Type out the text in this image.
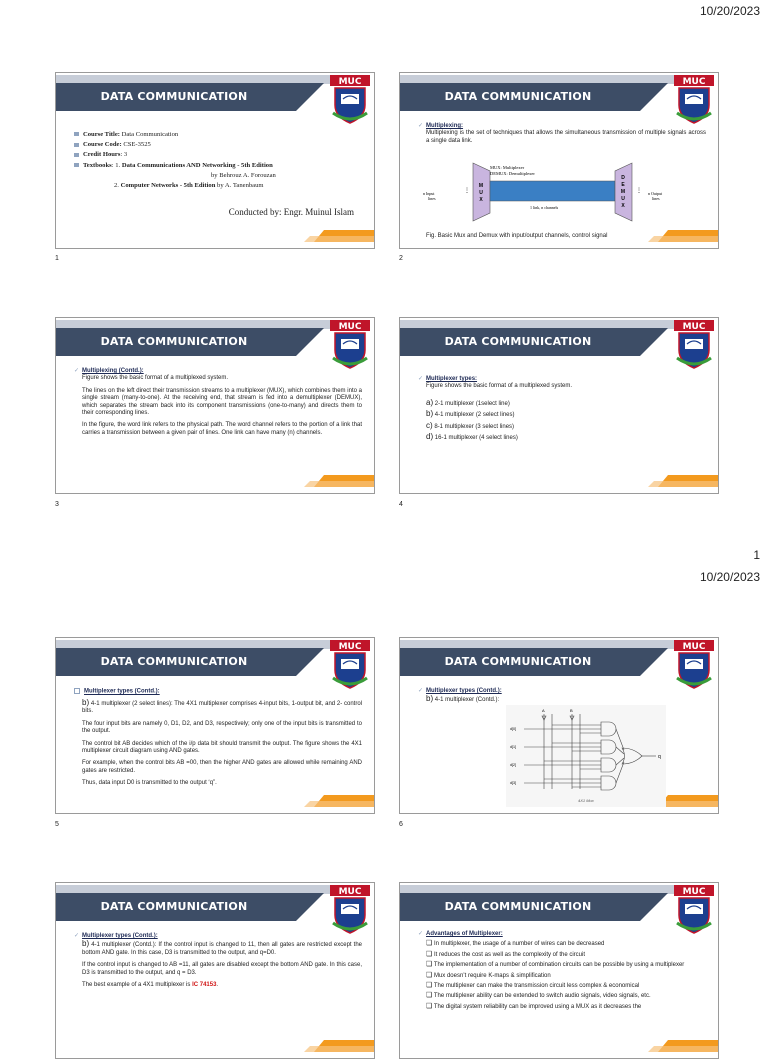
10/20/2023
1
10/20/2023
DATA COMMUNICATION
MUC
Course Title: Data Communication
Course Code: CSE-3525
Credit Hours: 3
Textbooks: 1. Data Communications AND Networking - 5th Edition
by Behrouz A. Forouzan
2. Computer Networks - 5th Edition by A. Tanenbaum
Conducted by: Engr. Muinul Islam
1
DATA COMMUNICATION
MUC
✓ Multiplexing:
Multiplexing is the set of techniques that allows the simultaneous transmission of multiple signals across a single data link.
MUX: Multiplexer
DEMUX: Demultiplexer
M
U
X
D
E
M
U
X
n Input
lines
⋮	⋮ n Output
lines
1 link, n channels
Fig. Basic Mux and Demux with input/output channels, control signal
2
DATA COMMUNICATION
MUC
✓ Multiplexing (Contd.):

Figure shows the basic format of a multiplexed system.

The lines on the left direct their transmission streams to a multiplexer (MUX), which combines them into a single stream (many-to-one). At the receiving end, that stream is fed into a demultiplexer (DEMUX), which separates the stream back into its component transmissions (one-to-many) and directs them to their corresponding lines.

In the figure, the word link refers to the physical path. The word channel refers to the portion of a link that carries a transmission between a given pair of lines. One link can have many (n) channels.

3
DATA COMMUNICATION
MUC
✓ Multiplexer types:
Figure shows the basic format of a multiplexed system.
a) 2-1 multiplexer (1select line)
b) 4-1 multiplexer (2 select lines)
c) 8-1 multiplexer (3 select lines)
d) 16-1 multiplexer (4 select lines)
4
DATA COMMUNICATION
MUC
Multiplexer types (Contd.):

b) 4-1 multiplexer (2 select lines): The 4X1 multiplexer comprises 4-input bits, 1-output bit, and 2- control bits.

The four input bits are namely 0, D1, D2, and D3, respectively; only one of the input bits is transmitted to the output.

The control bit AB decides which of the i/p data bit should transmit the output. The figure shows the 4X1 multiplexer circuit diagram using AND gates.

For example, when the control bits AB =00, then the higher AND gates are allowed while remaining AND gates are restricted.

Thus, data input D0 is transmitted to the output ‘q”.

5
DATA COMMUNICATION
MUC
✓ Multiplexer types (Contd.):
b) 4-1 multiplexer (Contd.):
A	B
d[0]
d[1]
d[2]
d[3]
q
4X1 Mux
6
DATA COMMUNICATION
MUC
✓ Multiplexer types (Contd.):

b) 4-1 multiplexer (Contd.): If the control input is changed to 11, then all gates are restricted except the bottom AND gate. In this case, D3 is transmitted to the output, and q=D0.

If the control input is changed to AB =11, all gates are disabled except the bottom AND gate. In this case, D3 is transmitted to the output, and q = D3.

The best example of a 4X1 multiplexer is IC 74153.

DATA COMMUNICATION
MUC
✓ Advantages of Multiplexer:
❏ In multiplexer, the usage of a number of wires can be decreased
❏ It reduces the cost as well as the complexity of the circuit
❏ The implementation of a number of combination circuits can be possible by using a multiplexer
❏ Mux doesn’t require K-maps & simplification
❏ The multiplexer can make the transmission circuit less complex & economical
❏ The multiplexer ability can be extended to switch audio signals, video signals, etc.
❏ The digital system reliability can be improved using a MUX as it decreases the
